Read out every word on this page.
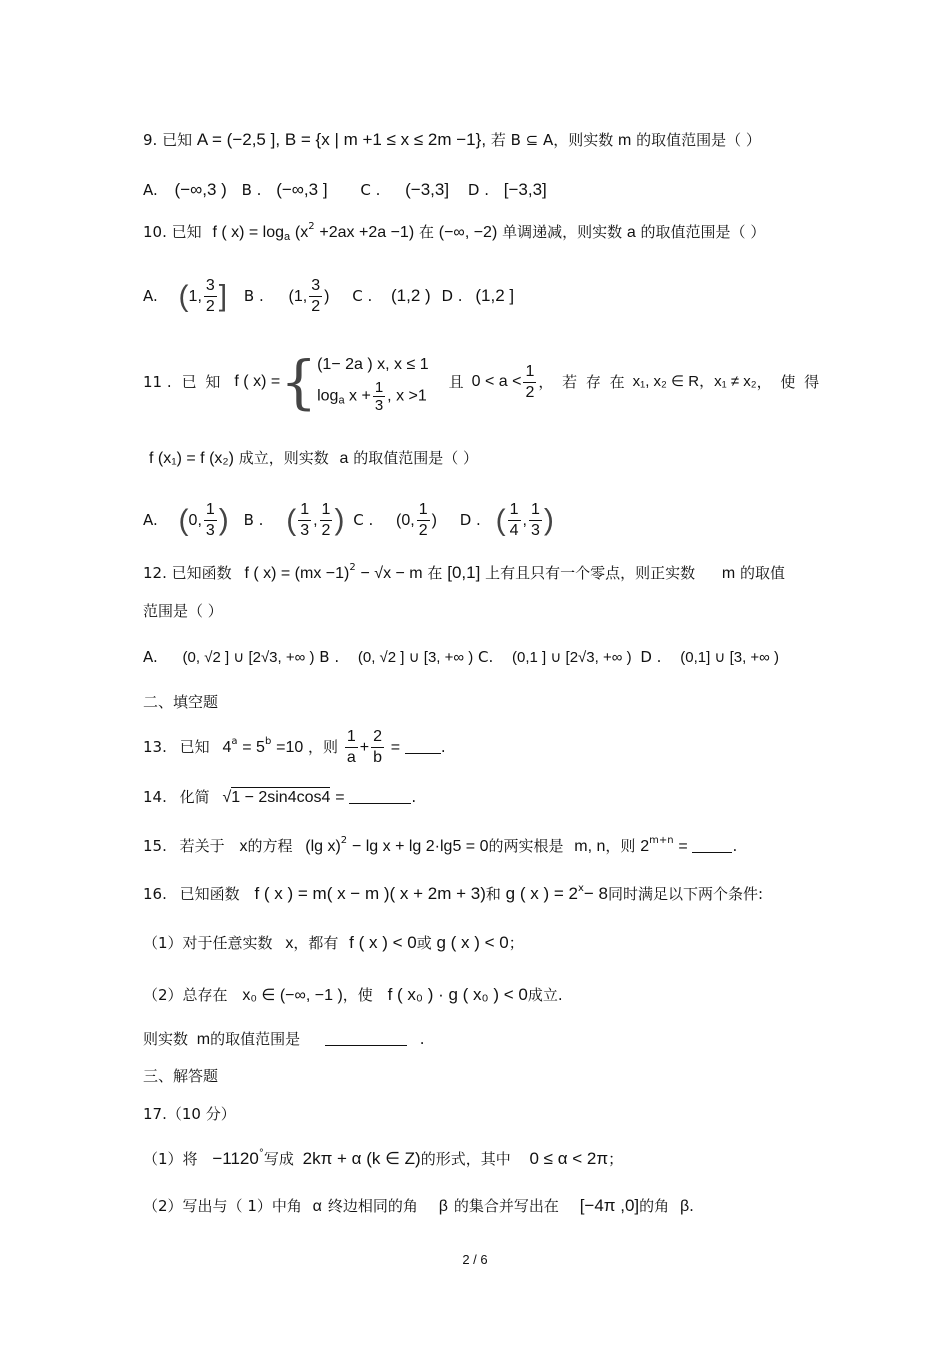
9. 已知 A = (−2,5 ], B = {x | m +1 ≤ x ≤ 2m −1}, 若 B ⊆ A，则实数 m 的取值范围是（ ）
A. (−∞,3 ) B . (−∞,3 ] C . (−3,3] D . [−3,3]
10. 已知 f ( $x) = \log_a (x^2 +2ax +2a -1)$ 在 (−∞, −2) 单调递减，则实数 a 的取值范围是（ ）
A. (1, $\frac{3}{2}$ ] B . (1, $\frac{3}{2}$ ) C . (1,2 ) D . (1,2 ]
11 . 已 知 f ( x) = { (1− 2a ) x, x ≤ 1
$\log_a x + \frac{1}{3}$ , x >1
且 $0 < a < \frac{1}{2}$ ， 若 存 在 x₁, x₂ ∈ R，x₁ ≠ x₂ ， 使 得
f (x₁) = f (x₂) 成立，则实数 a 的取值范围是（ ）
A. (0, $\frac{1}{3}$ ) B . ( $\frac{1}{3}$ , $\frac{1}{2}$ ) C . (0, $\frac{1}{2}$ ) D . ( $\frac{1}{4}$ , $\frac{1}{3}$ )
12. 已知函数 f ( x) = (mx −1)$^2$ − √x − m 在 [0,1] 上有且只有一个零点，则正实数 m 的取值
范围是（ ）
A. (0, √2 ] ∪ [2√3, +∞ ) B . (0, √2 ] ∪ [3, +∞ ) C. (0,1 ] ∪ [2√3, +∞ ) D . (0,1] ∪ [3, +∞ )
二、填空题
13. 已知 $4^a = 5^b =10$ ，则 $\frac{1}{a} + \frac{2}{b}$ =	.
14. 化简 √1 − 2sin4cos4 =	.
15. 若关于 x的方程 (lg x)$^2$ − lg x + lg 2·lg5 = 0的两实根是 m, n，则 $2^{m+n}$ =	.
16. 已知函数 f ( x ) = m( x − m )( x + 2m + 3)和 g ( x ) = $2^x- 8$同时满足以下两个条件:
（1）对于任意实数 x，都有 f ( x ) < 0或 g ( x ) < 0；
（2）总存在 x₀ ∈ (−∞, −1 )，使 f ( x₀ ) · g ( x₀ ) < 0成立.
则实数 m的取值范围是	.
三、解答题
17.（10 分）
（1）将 −1120°写成 2kπ + α (k ∈ Z)的形式，其中 0 ≤ α < 2π；
（2）写出与（ 1）中角 α 终边相同的角 β 的集合并写出在 [−4π ,0]的角 β.
2 / 6
